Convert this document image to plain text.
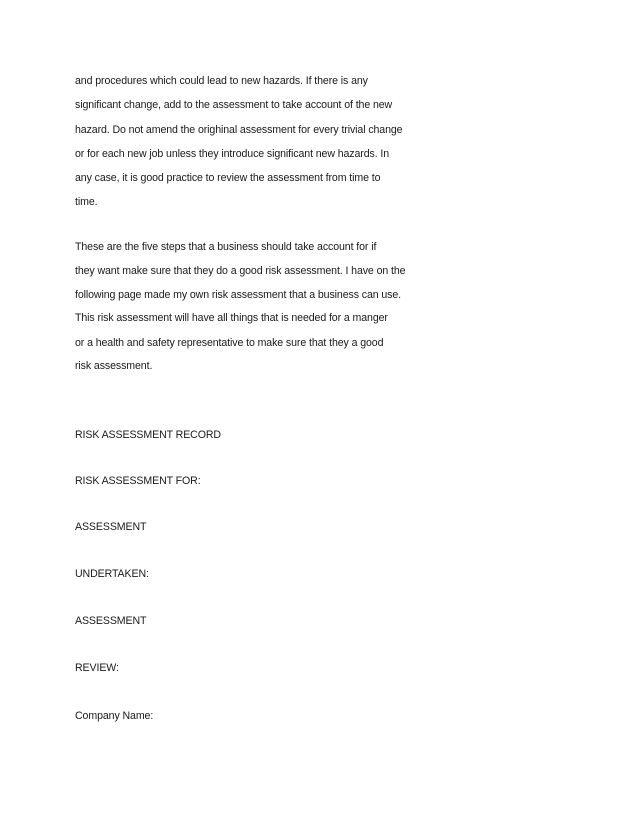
and procedures which could lead to new hazards. If there is any
significant change, add to the assessment to take account of the new
hazard. Do not amend the orighinal assessment for every trivial change
or for each new job unless they introduce significant new hazards. In
any case, it is good practice to review the assessment from time to
time.
These are the five steps that a business should take account for if
they want make sure that they do a good risk assessment. I have on the
following page made my own risk assessment that a business can use.
This risk assessment will have all things that is needed for a manger
or a health and safety representative to make sure that they a good
risk assessment.
RISK ASSESSMENT RECORD
RISK ASSESSMENT FOR:
ASSESSMENT
UNDERTAKEN:
ASSESSMENT
REVIEW:
Company Name:
